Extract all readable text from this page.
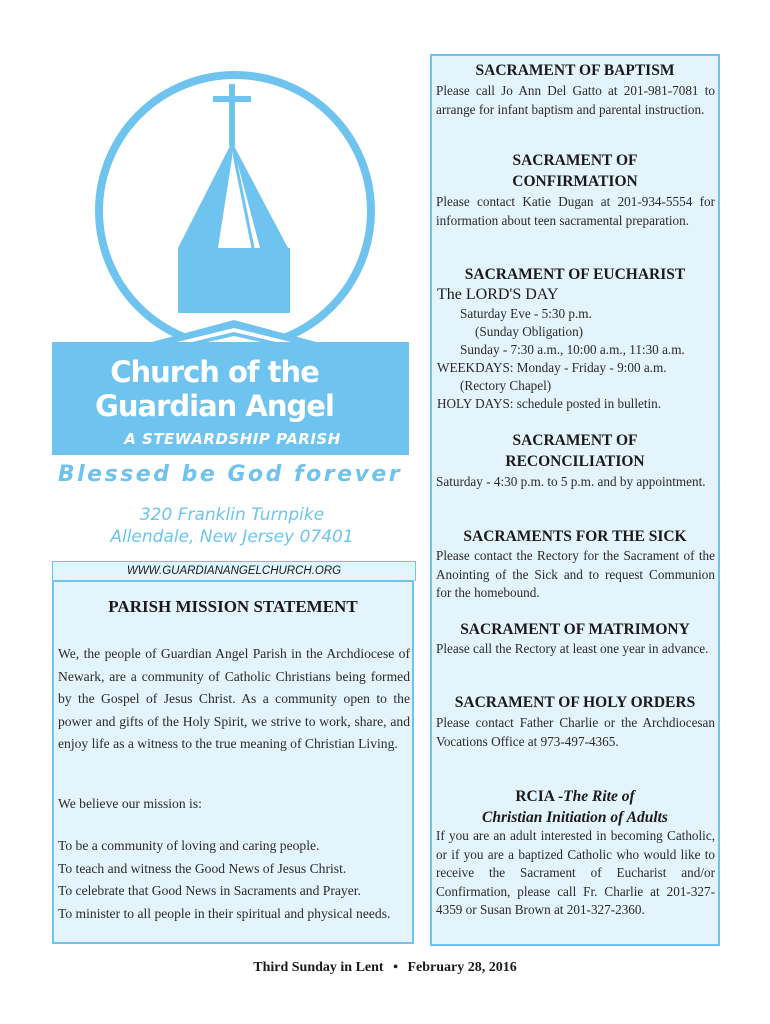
Church of the
Guardian Angel
A STEWARDSHIP PARISH
Blessed be God forever
320 Franklin Turnpike
Allendale, New Jersey 07401
WWW.GUARDIANANGELCHURCH.ORG
PARISH MISSION STATEMENT
We, the people of Guardian Angel Parish in the Archdiocese of Newark, are a community of Catholic Christians being formed by the Gospel of Jesus Christ. As a community open to the power and gifts of the Holy Spirit, we strive to work, share, and enjoy life as a witness to the true meaning of Christian Living.
We believe our mission is:
To be a community of loving and caring people.
To teach and witness the Good News of Jesus Christ.
To celebrate that Good News in Sacraments and Prayer.
To minister to all people in their spiritual and physical needs.
SACRAMENT OF BAPTISM
Please call Jo Ann Del Gatto at 201-981-7081 to arrange for infant baptism and parental instruction.
SACRAMENT OF
CONFIRMATION
Please contact Katie Dugan at 201-934-5554 for information about teen sacramental preparation.
SACRAMENT OF EUCHARIST
The LORD'S DAY
Saturday Eve - 5:30 p.m.
(Sunday Obligation)
Sunday - 7:30 a.m., 10:00 a.m., 11:30 a.m.
WEEKDAYS: Monday - Friday - 9:00 a.m.
(Rectory Chapel)
HOLY DAYS: schedule posted in bulletin.
SACRAMENT OF
RECONCILIATION
Saturday - 4:30 p.m. to 5 p.m. and by appointment.
SACRAMENTS FOR THE SICK
Please contact the Rectory for the Sacrament of the Anointing of the Sick and to request Communion for the homebound.
SACRAMENT OF MATRIMONY
Please call the Rectory at least one year in advance.
SACRAMENT OF HOLY ORDERS
Please contact Father Charlie or the Archdiocesan Vocations Office at 973-497-4365.
RCIA -The Rite of
Christian Initiation of Adults
If you are an adult interested in becoming Catholic, or if you are a baptized Catholic who would like to receive the Sacrament of Eucharist and/or Confirmation, please call Fr. Charlie at 201-327-4359 or Susan Brown at 201-327-2360.
Third Sunday in Lent • February 28, 2016
